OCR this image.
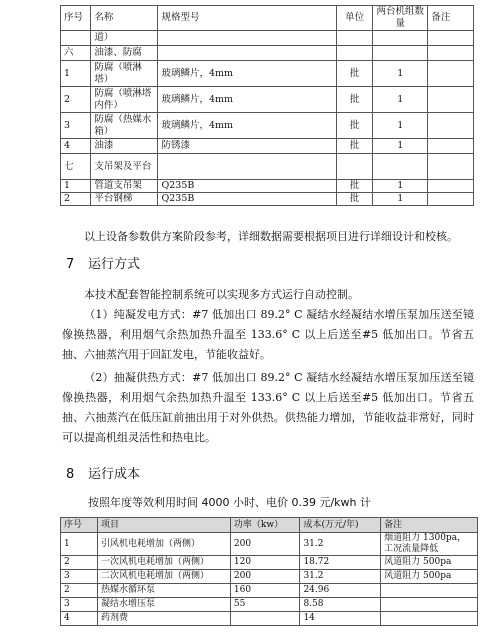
序号	名称	规格型号	单位	两台机组数量	备注
	道）				
六	油漆、防腐				
1	防腐（喷淋塔）	玻璃鳞片，4mm	批	1	
2	防腐（喷淋塔内件）	玻璃鳞片，4mm	批	1	
3	防腐（热媒水箱）	玻璃鳞片，4mm	批	1	
4	油漆	防锈漆	批	1	
七	支吊架及平台				
1	管道支吊架	Q235B	批	1	
2	平台钢梯	Q235B	批	1	
以上设备参数供方案阶段参考，详细数据需要根据项目进行详细设计和校核。
7 运行方式
本技术配套智能控制系统可以实现多方式运行自动控制。
（1）纯凝发电方式：#7 低加出口 89.2° C 凝结水经凝结水增压泵加压送至镜像换热器，利用烟气余热加热升温至 133.6° C 以上后送至#5 低加出口。节省五抽、六抽蒸汽用于回缸发电，节能收益好。
（2）抽凝供热方式：#7 低加出口 89.2° C 凝结水经凝结水增压泵加压送至镜像换热器，利用烟气余热加热升温至 133.6° C 以上后送至#5 低加出口。节省五抽、六抽蒸汽在低压缸前抽出用于对外供热。供热能力增加，节能收益非常好，同时可以提高机组灵活性和热电比。
8 运行成本
按照年度等效利用时间 4000 小时、电价 0.39 元/kwh 计
序号	项目	功率（kw）	成本(万元/年)	备注
1	引风机电耗增加（两侧）	200	31.2	烟道阻力 1300pa，工况流量降低
2	一次风机电耗增加（两侧）	120	18.72	风道阻力 500pa
3	二次风机电耗增加（两侧）	200	31.2	风道阻力 500pa
2	热媒水循环泵	160	24.96	
3	凝结水增压泵	55	8.58	
4	药剂费		14	
